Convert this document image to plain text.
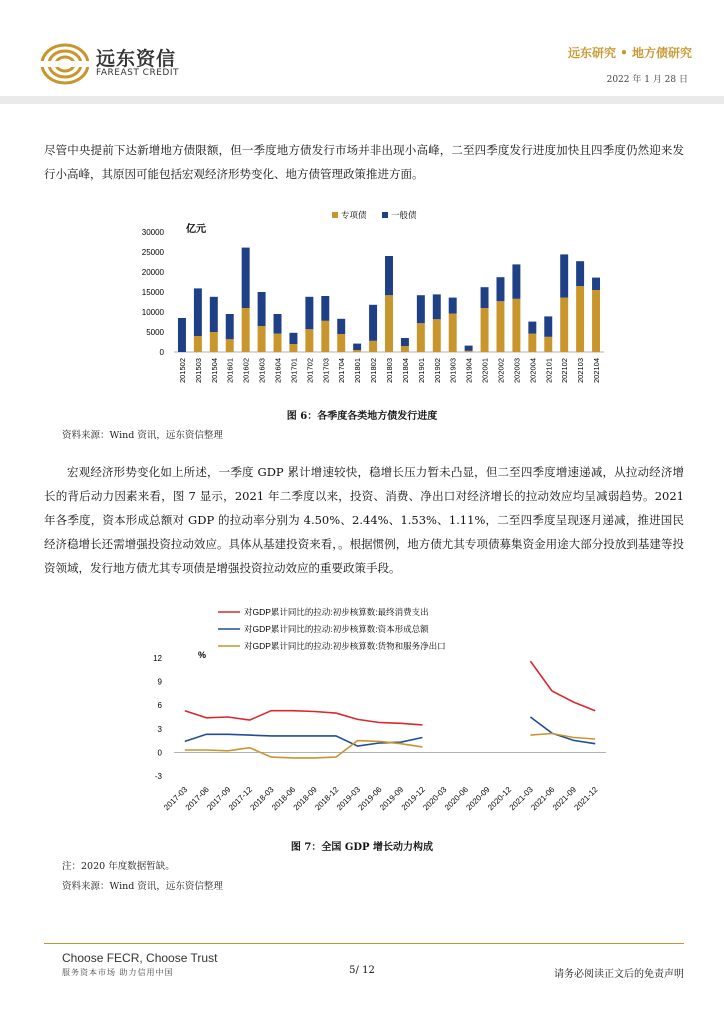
远东资信
FAREAST CREDIT
远东研究 • 地方债研究
2022 年 1 月 28 日
尽管中央提前下达新增地方债限额，但一季度地方债发行市场并非出现小高峰，二至四季度发行进度加快且四季度仍然迎来发行小高峰，其原因可能包括宏观经济形势变化、地方债管理政策推进方面。
亿元
0
5000
10000
15000
20000
25000
30000
201502 201503 201504 201601 201602 201603 201604 201701 201702 201703 201704 201801 201802 201803 201804 201901 201902 201903 201904 202001 202002 202003 202004 202101 202102 202103 202104
专项债	一般债
图 6：各季度各类地方债发行进度
资料来源：Wind 资讯，远东资信整理
宏观经济形势变化如上所述，一季度 GDP 累计增速较快，稳增长压力暂未凸显，但二至四季度增速递减，从拉动经济增长的背后动力因素来看，图 7 显示，2021 年二季度以来，投资、消费、净出口对经济增长的拉动效应均呈减弱趋势。2021 年各季度，资本形成总额对 GDP 的拉动率分别为 4.50%、2.44%、1.53%、1.11%，二至四季度呈现逐月递减，推进国民经济稳增长还需增强投资拉动效应。具体从基建投资来看，。根据惯例，地方债尤其专项债募集资金用途大部分投放到基建等投资领域，发行地方债尤其专项债是增强投资拉动效应的重要政策手段。
对GDP累计同比的拉动:初步核算数:最终消费支出
对GDP累计同比的拉动:初步核算数:资本形成总额
对GDP累计同比的拉动:初步核算数:货物和服务净出口
%
-3
0
3
6
9
12
2017-03
2017-06
2017-09
2017-12
2018-03
2018-06
2018-09
2018-12
2019-03
2019-06
2019-09
2019-12
2020-03
2020-06
2020-09
2020-12
2021-03
2021-06
2021-09
2021-12
图 7：全国 GDP 增长动力构成
注：2020 年度数据暂缺。
资料来源：Wind 资讯，远东资信整理
Choose FECR, Choose Trust
服务资本市场 助力信用中国	5/ 12	请务必阅读正文后的免责声明
